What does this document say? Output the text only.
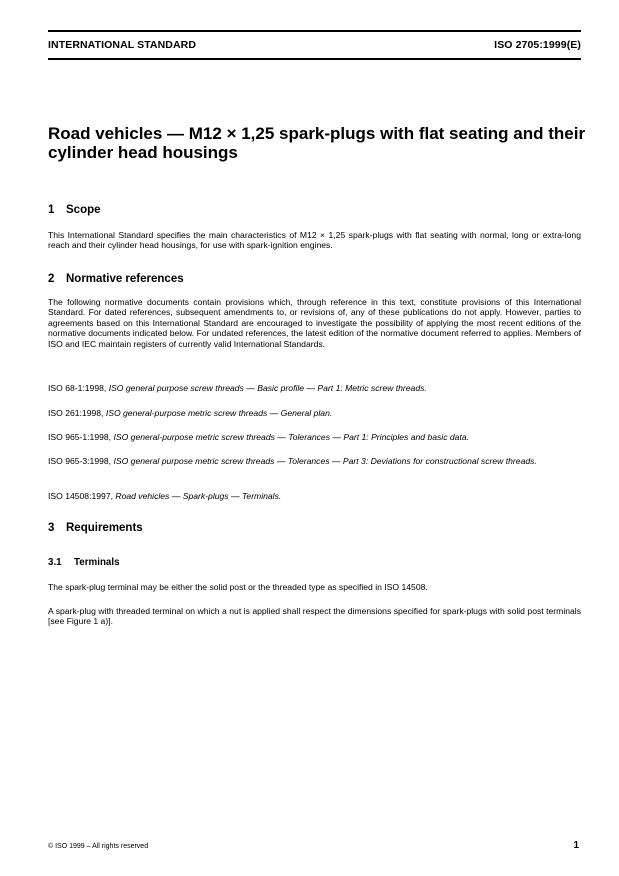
INTERNATIONAL STANDARD	ISO 2705:1999(E)
Road vehicles — M12 × 1,25 spark-plugs with flat seating and their cylinder head housings
1 Scope
This International Standard specifies the main characteristics of M12 × 1,25 spark-plugs with flat seating with normal, long or extra-long reach and their cylinder head housings, for use with spark-ignition engines.
2 Normative references
The following normative documents contain provisions which, through reference in this text, constitute provisions of this International Standard. For dated references, subsequent amendments to, or revisions of, any of these publications do not apply. However, parties to agreements based on this International Standard are encouraged to investigate the possibility of applying the most recent editions of the normative documents indicated below. For undated references, the latest edition of the normative document referred to applies. Members of ISO and IEC maintain registers of currently valid International Standards.
ISO 68-1:1998, ISO general purpose screw threads — Basic profile — Part 1: Metric screw threads.
ISO 261:1998, ISO general-purpose metric screw threads — General plan.
ISO 965-1:1998, ISO general-purpose metric screw threads — Tolerances — Part 1: Principles and basic data.
ISO 965-3:1998, ISO general purpose metric screw threads — Tolerances — Part 3: Deviations for constructional screw threads.
ISO 14508:1997, Road vehicles — Spark-plugs — Terminals.
3 Requirements
3.1 Terminals
The spark-plug terminal may be either the solid post or the threaded type as specified in ISO 14508.
A spark-plug with threaded terminal on which a nut is applied shall respect the dimensions specified for spark-plugs with solid post terminals [see Figure 1 a)].
© ISO 1999 – All rights reserved	1
